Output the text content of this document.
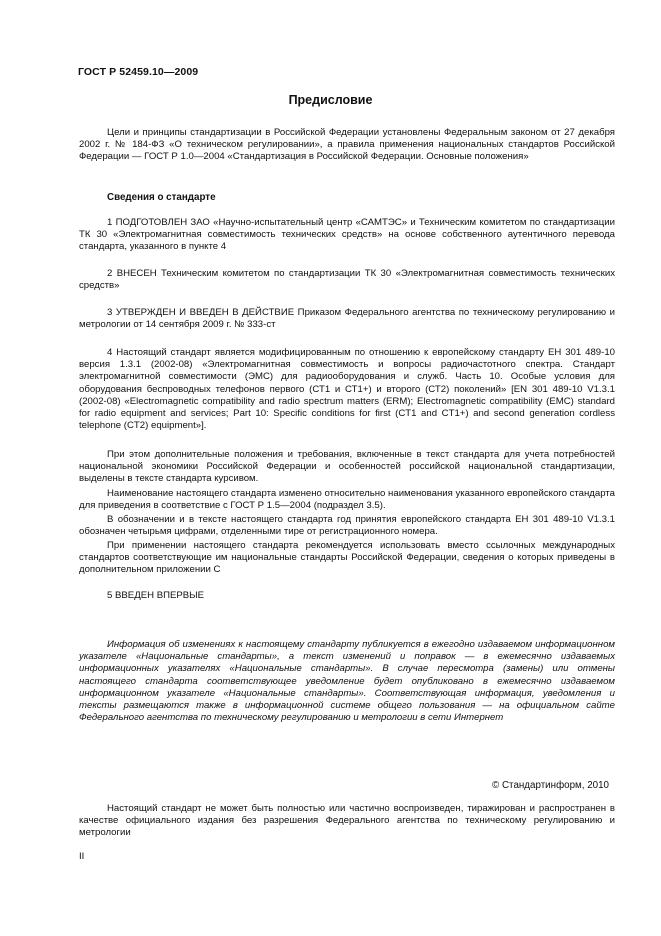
ГОСТ Р 52459.10—2009
Предисловие

Цели и принципы стандартизации в Российской Федерации установлены Федеральным законом от 27 декабря 2002 г. № 184-ФЗ «О техническом регулировании», а правила применения национальных стандартов Российской Федерации — ГОСТ Р 1.0—2004 «Стандартизация в Российской Федерации. Основные положения»

Сведения о стандарте

1 ПОДГОТОВЛЕН ЗАО «Научно-испытательный центр «САМТЭС» и Техническим комитетом по стандартизации ТК 30 «Электромагнитная совместимость технических средств» на основе собственного аутентичного перевода стандарта, указанного в пункте 4

2 ВНЕСЕН Техническим комитетом по стандартизации ТК 30 «Электромагнитная совместимость технических средств»

3 УТВЕРЖДЕН И ВВЕДЕН В ДЕЙСТВИЕ Приказом Федерального агентства по техническому регулированию и метрологии от 14 сентября 2009 г. № 333-ст

4 Настоящий стандарт является модифицированным по отношению к европейскому стандарту ЕН 301 489-10 версия 1.3.1 (2002-08) «Электромагнитная совместимость и вопросы радиочастотного спектра. Стандарт электромагнитной совместимости (ЭМС) для радиооборудования и служб. Часть 10. Особые условия для оборудования беспроводных телефонов первого (СТ1 и СТ1+) и второго (СТ2) поколений» [EN 301 489-10 V1.3.1 (2002-08) «Electromagnetic compatibility and radio spectrum matters (ERM); Electromagnetic compatibility (EMC) standard for radio equipment and services; Part 10: Specific conditions for first (CT1 and CT1+) and second generation cordless telephone (CT2) equipment»].

При этом дополнительные положения и требования, включенные в текст стандарта для учета потребностей национальной экономики Российской Федерации и особенностей российской национальной стандартизации, выделены в тексте стандарта курсивом.

Наименование настоящего стандарта изменено относительно наименования указанного европейского стандарта для приведения в соответствие с ГОСТ Р 1.5—2004 (подраздел 3.5).

В обозначении и в тексте настоящего стандарта год принятия европейского стандарта ЕН 301 489-10 V1.3.1 обозначен четырьмя цифрами, отделенными тире от регистрационного номера.

При применении настоящего стандарта рекомендуется использовать вместо ссылочных международных стандартов соответствующие им национальные стандарты Российской Федерации, сведения о которых приведены в дополнительном приложении С

5 ВВЕДЕН ВПЕРВЫЕ

Информация об изменениях к настоящему стандарту публикуется в ежегодно издаваемом информационном указателе «Национальные стандарты», а текст изменений и поправок — в ежемесячно издаваемых информационных указателях «Национальные стандарты». В случае пересмотра (замены) или отмены настоящего стандарта соответствующее уведомление будет опубликовано в ежемесячно издаваемом информационном указателе «Национальные стандарты». Соответствующая информация, уведомления и тексты размещаются также в информационной системе общего пользования — на официальном сайте Федерального агентства по техническому регулированию и метрологии в сети Интернет

© Стандартинформ, 2010

Настоящий стандарт не может быть полностью или частично воспроизведен, тиражирован и распространен в качестве официального издания без разрешения Федерального агентства по техническому регулированию и метрологии

II
